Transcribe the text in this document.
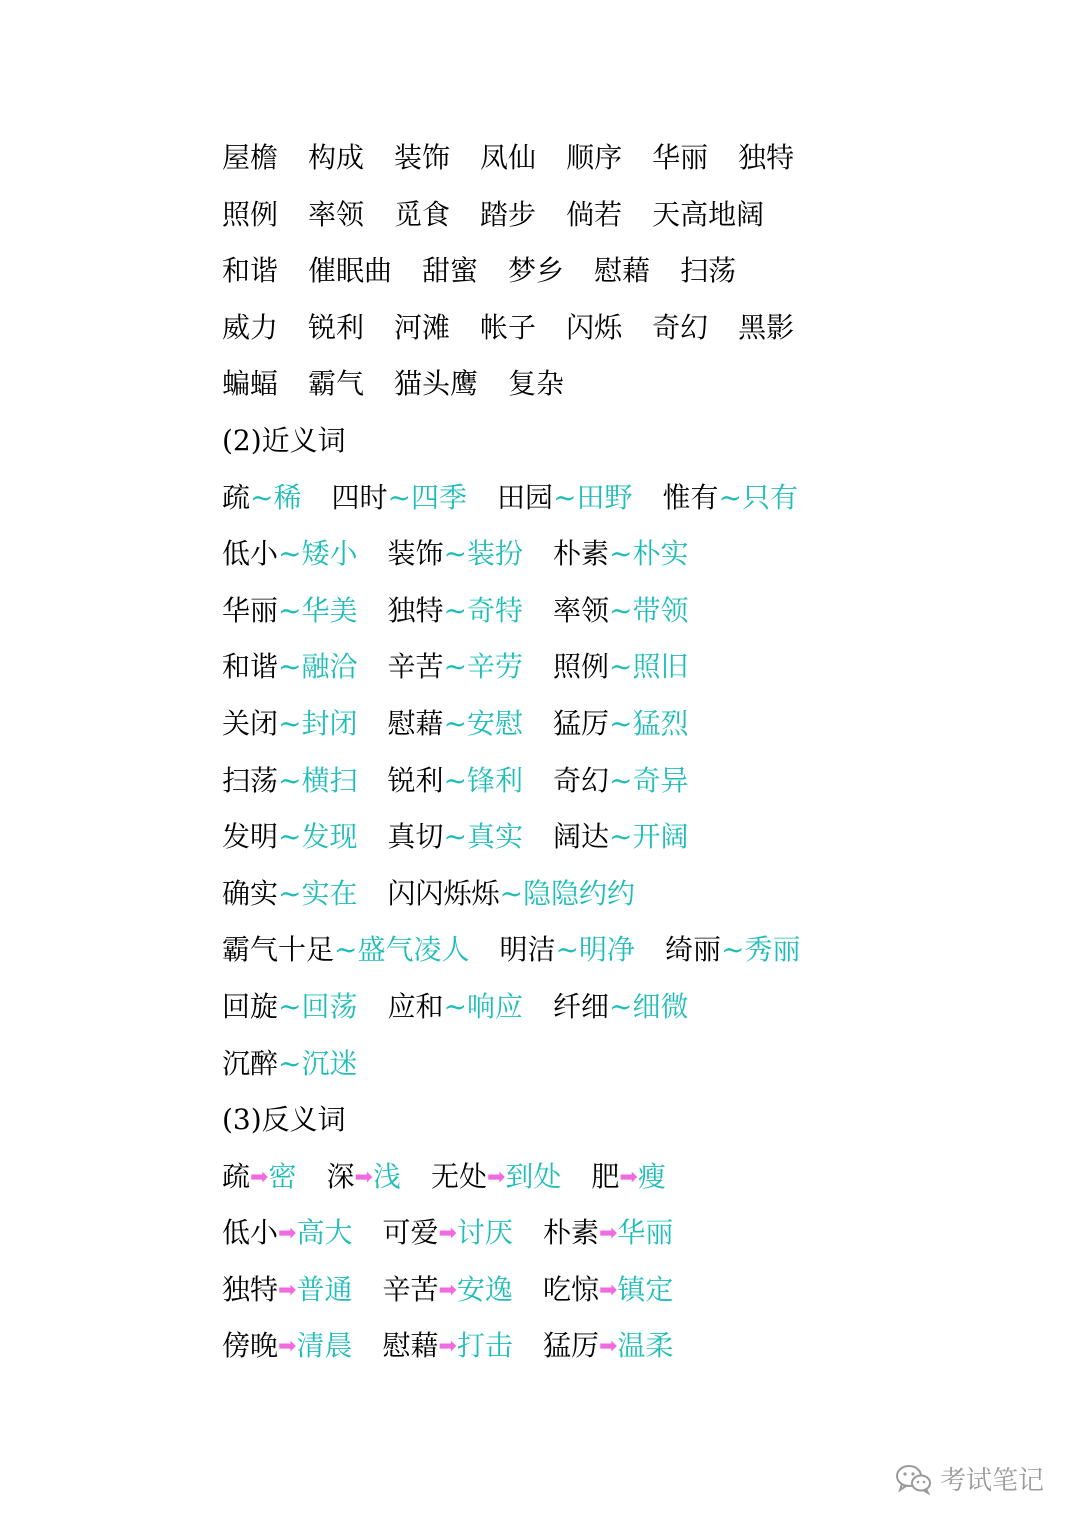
屋檐 构成 装饰 凤仙 顺序 华丽 独特
照例 率领 觅食 踏步 倘若 天高地阔
和谐 催眠曲 甜蜜 梦乡 慰藉 扫荡
威力 锐利 河滩 帐子 闪烁 奇幻 黑影
蝙蝠 霸气 猫头鹰 复杂
(2)近义词
疏~稀 四时~四季 田园~田野 惟有~只有
低小~矮小 装饰~装扮 朴素~朴实
华丽~华美 独特~奇特 率领~带领
和谐~融洽 辛苦~辛劳 照例~照旧
关闭~封闭 慰藉~安慰 猛厉~猛烈
扫荡~横扫 锐利~锋利 奇幻~奇异
发明~发现 真切~真实 阔达~开阔
确实~实在 闪闪烁烁~隐隐约约
霸气十足~盛气凌人 明洁~明净 绮丽~秀丽
回旋~回荡 应和~响应 纤细~细微
沉醉~沉迷
(3)反义词
疏➡密 深➡浅 无处➡到处 肥➡瘦
低小➡高大 可爱➡讨厌 朴素➡华丽
独特➡普通 辛苦➡安逸 吃惊➡镇定
傍晚➡清晨 慰藉➡打击 猛厉➡温柔
考试笔记
